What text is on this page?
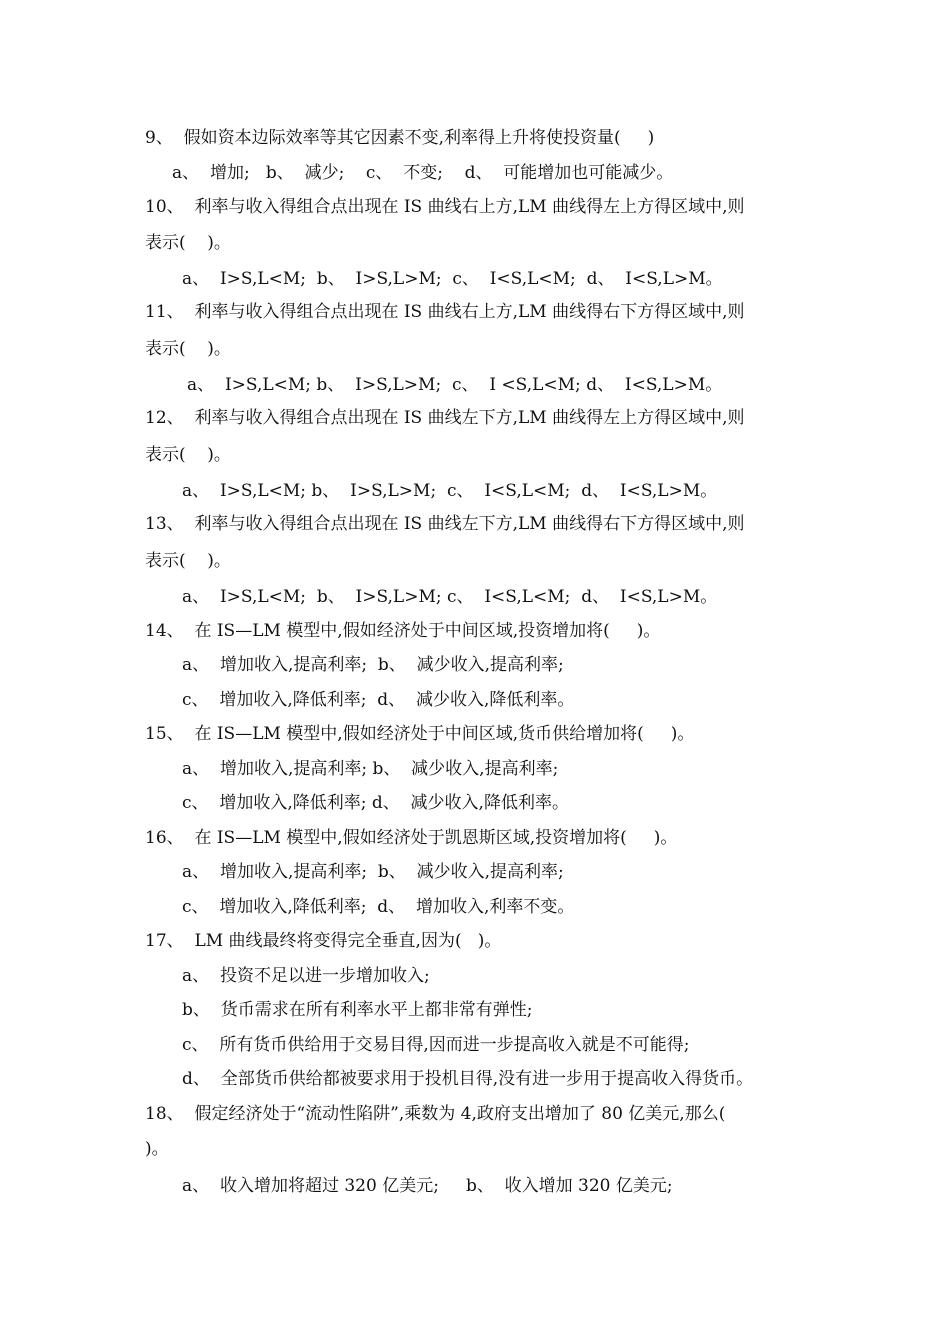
9、  假如资本边际效率等其它因素不变,利率得上升将使投资量(     )
a、  增加;   b、  减少;    c、  不变;    d、  可能增加也可能减少。
10、  利率与收入得组合点出现在 IS 曲线右上方,LM 曲线得左上方得区域中,则
表示(    )。
a、  I>S,L<M;  b、  I>S,L>M;  c、  I<S,L<M;  d、  I<S,L>M。
11、  利率与收入得组合点出现在 IS 曲线右上方,LM 曲线得右下方得区域中,则
表示(    )。
a、  I>S,L<M; b、  I>S,L>M;  c、  I <S,L<M; d、  I<S,L>M。
12、  利率与收入得组合点出现在 IS 曲线左下方,LM 曲线得左上方得区域中,则
表示(    )。
a、  I>S,L<M; b、  I>S,L>M;  c、  I<S,L<M;  d、  I<S,L>M。
13、  利率与收入得组合点出现在 IS 曲线左下方,LM 曲线得右下方得区域中,则
表示(    )。
a、  I>S,L<M;  b、  I>S,L>M; c、  I<S,L<M;  d、  I<S,L>M。
14、  在 IS—LM 模型中,假如经济处于中间区域,投资增加将(     )。
a、  增加收入,提高利率;  b、  减少收入,提高利率;
c、  增加收入,降低利率;  d、  减少收入,降低利率。
15、  在 IS—LM 模型中,假如经济处于中间区域,货币供给增加将(     )。
a、  增加收入,提高利率; b、  减少收入,提高利率;
c、  增加收入,降低利率; d、  减少收入,降低利率。
16、  在 IS—LM 模型中,假如经济处于凯恩斯区域,投资增加将(     )。
a、  增加收入,提高利率;  b、  减少收入,提高利率;
c、  增加收入,降低利率;  d、  增加收入,利率不变。
17、  LM 曲线最终将变得完全垂直,因为(   )。
a、  投资不足以进一步增加收入;
b、  货币需求在所有利率水平上都非常有弹性;
c、  所有货币供给用于交易目得,因而进一步提高收入就是不可能得;
d、  全部货币供给都被要求用于投机目得,没有进一步用于提高收入得货币。
18、  假定经济处于“流动性陷阱”,乘数为 4,政府支出增加了 80 亿美元,那么(
)。
a、  收入增加将超过 320 亿美元;     b、  收入增加 320 亿美元;
